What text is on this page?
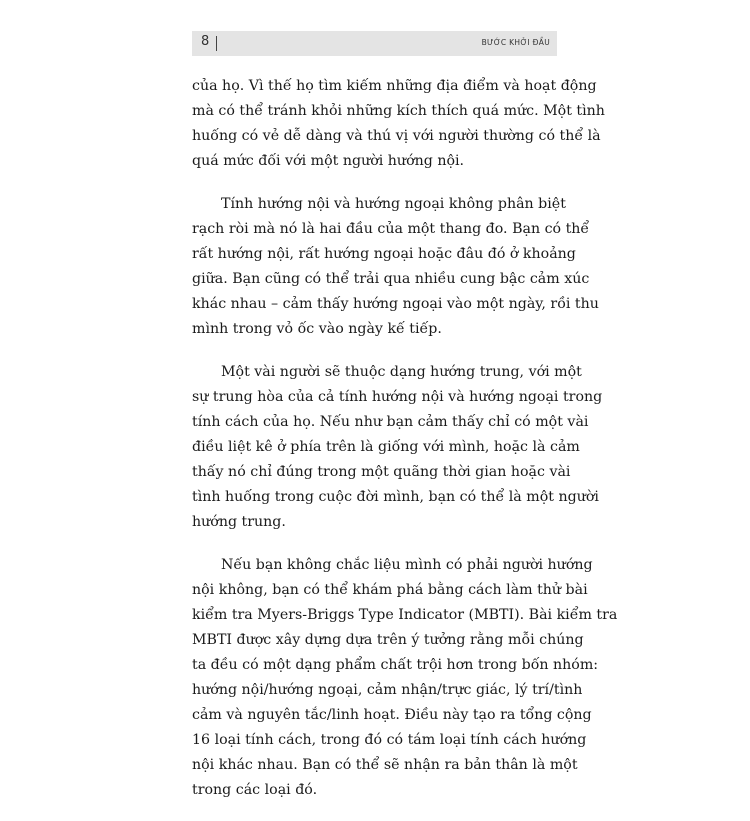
8	BƯỚC KHỞI ĐẦU
của họ. Vì thế họ tìm kiếm những địa điểm và hoạt động
mà có thể tránh khỏi những kích thích quá mức. Một tình
huống có vẻ dễ dàng và thú vị với người thường có thể là
quá mức đối với một người hướng nội.
Tính hướng nội và hướng ngoại không phân biệt
rạch ròi mà nó là hai đầu của một thang đo. Bạn có thể
rất hướng nội, rất hướng ngoại hoặc đâu đó ở khoảng
giữa. Bạn cũng có thể trải qua nhiều cung bậc cảm xúc
khác nhau – cảm thấy hướng ngoại vào một ngày, rồi thu
mình trong vỏ ốc vào ngày kế tiếp.
Một vài người sẽ thuộc dạng hướng trung, với một
sự trung hòa của cả tính hướng nội và hướng ngoại trong
tính cách của họ. Nếu như bạn cảm thấy chỉ có một vài
điều liệt kê ở phía trên là giống với mình, hoặc là cảm
thấy nó chỉ đúng trong một quãng thời gian hoặc vài
tình huống trong cuộc đời mình, bạn có thể là một người
hướng trung.
Nếu bạn không chắc liệu mình có phải người hướng
nội không, bạn có thể khám phá bằng cách làm thử bài
kiểm tra Myers-Briggs Type Indicator (MBTI). Bài kiểm tra
MBTI được xây dựng dựa trên ý tưởng rằng mỗi chúng
ta đều có một dạng phẩm chất trội hơn trong bốn nhóm:
hướng nội/hướng ngoại, cảm nhận/trực giác, lý trí/tình
cảm và nguyên tắc/linh hoạt. Điều này tạo ra tổng cộng
16 loại tính cách, trong đó có tám loại tính cách hướng
nội khác nhau. Bạn có thể sẽ nhận ra bản thân là một
trong các loại đó.
